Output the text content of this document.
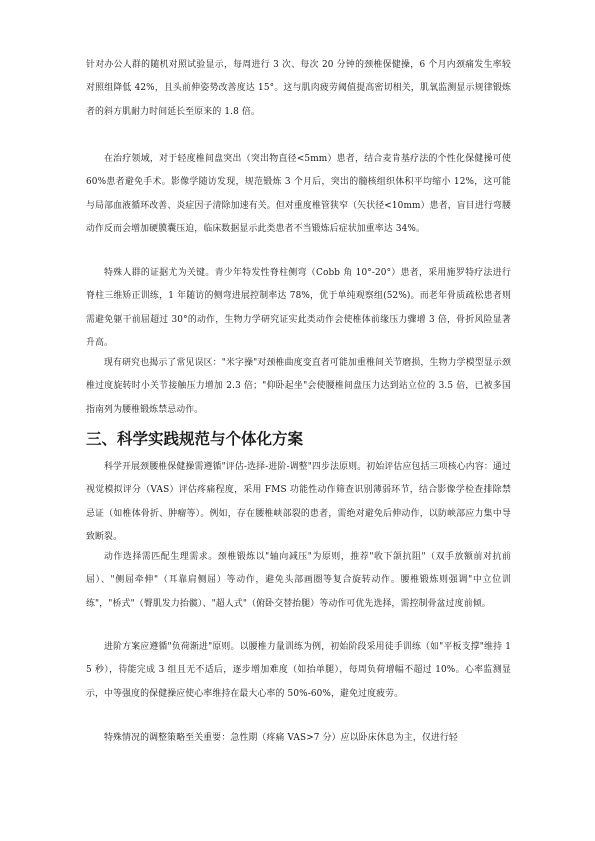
针对办公人群的随机对照试验显示，每周进行 3 次、每次 20 分钟的颈椎保健操，6 个月内颈痛发生率较对照组降低 42%，且头前伸姿势改善度达 15°。这与肌肉疲劳阈值提高密切相关，肌氧监测显示规律锻炼者的斜方肌耐力时间延长至原来的 1.8 倍。

在治疗领域，对于轻度椎间盘突出（突出物直径<5mm）患者，结合麦肯基疗法的个性化保健操可使 60%患者避免手术。影像学随访发现，规范锻炼 3 个月后，突出的髓核组织体积平均缩小 12%，这可能与局部血液循环改善、炎症因子清除加速有关。但对重度椎管狭窄（矢状径<10mm）患者，盲目进行弯腰动作反而会增加硬膜囊压迫，临床数据显示此类患者不当锻炼后症状加重率达 34%。

特殊人群的证据尤为关键。青少年特发性脊柱侧弯（Cobb 角 10°-20°）患者，采用施罗特疗法进行脊柱三维矫正训练，1 年随访的侧弯进展控制率达 78%，优于单纯观察组(52%)。而老年骨质疏松患者则需避免躯干前屈超过 30°的动作，生物力学研究证实此类动作会使椎体前缘压力骤增 3 倍，骨折风险显著升高。

现有研究也揭示了常见误区："米字操"对颈椎曲度变直者可能加重椎间关节磨损，生物力学模型显示颈椎过度旋转时小关节接触压力增加 2.3 倍；"仰卧起坐"会使腰椎间盘压力达到站立位的 3.5 倍，已被多国指南列为腰椎锻炼禁忌动作。

三、科学实践规范与个体化方案

科学开展颈腰椎保健操需遵循"评估-选择-进阶-调整"四步法原则。初始评估应包括三项核心内容：通过视觉模拟评分（VAS）评估疼痛程度，采用 FMS 功能性动作筛查识别薄弱环节，结合影像学检查排除禁忌证（如椎体骨折、肿瘤等）。例如，存在腰椎峡部裂的患者，需绝对避免后伸动作，以防峡部应力集中导致断裂。

动作选择需匹配生理需求。颈椎锻炼以"轴向减压"为原则，推荐"收下颌抗阻"（双手放额前对抗前屈）、"侧屈牵伸"（耳靠肩侧屈）等动作，避免头部画圈等复合旋转动作。腰椎锻炼则强调"中立位训练"，"桥式"（臀肌发力抬髋）、"超人式"（俯卧交替抬腿）等动作可优先选择，需控制骨盆过度前倾。

进阶方案应遵循"负荷渐进"原则。以腰椎力量训练为例，初始阶段采用徒手训练（如"平板支撑"维持 15 秒），待能完成 3 组且无不适后，逐步增加难度（如抬单腿），每周负荷增幅不超过 10%。心率监测显示，中等强度的保健操应使心率维持在最大心率的 50%-60%，避免过度疲劳。

特殊情况的调整策略至关重要：急性期（疼痛 VAS>7 分）应以卧床休息为主，仅进行轻
